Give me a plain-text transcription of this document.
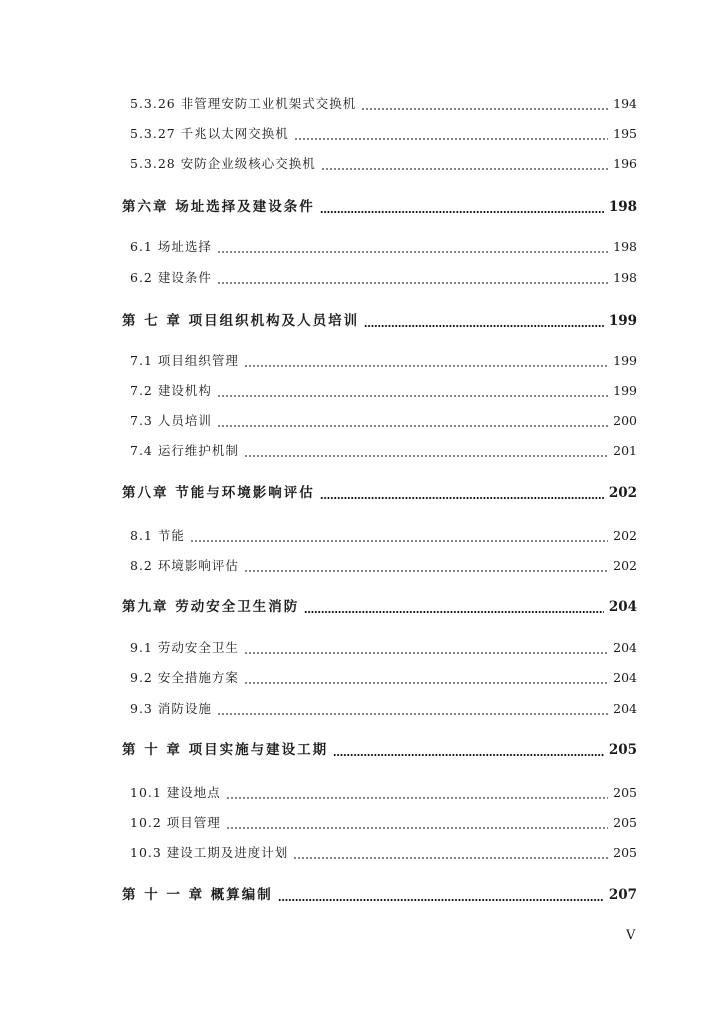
5.3.26 非管理安防工业机架式交换机	194
5.3.27 千兆以太网交换机	195
5.3.28 安防企业级核心交换机	196
第六章 场址选择及建设条件	198
6.1 场址选择	198
6.2 建设条件	198
第 七 章 项目组织机构及人员培训	199
7.1 项目组织管理	199
7.2 建设机构	199
7.3 人员培训	200
7.4 运行维护机制	201
第八章 节能与环境影响评估	202
8.1 节能	202
8.2 环境影响评估	202
第九章 劳动安全卫生消防	204
9.1 劳动安全卫生	204
9.2 安全措施方案	204
9.3 消防设施	204
第 十 章 项目实施与建设工期	205
10.1 建设地点	205
10.2 项目管理	205
10.3 建设工期及进度计划	205
第 十 一 章 概算编制	207
V
